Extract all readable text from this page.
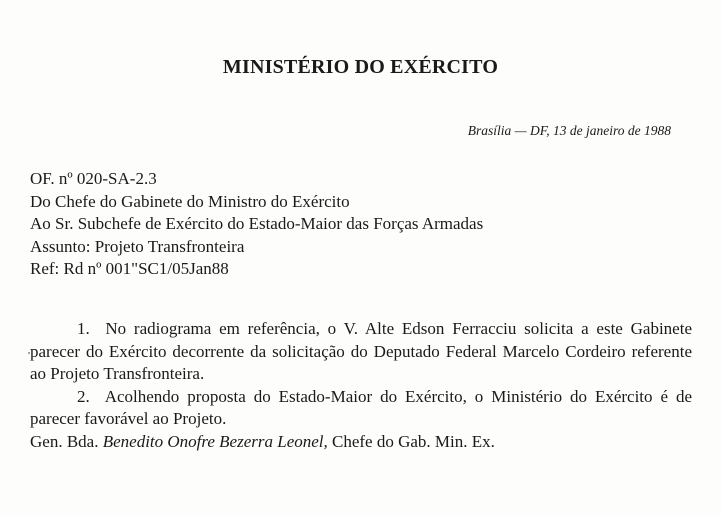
MINISTÉRIO DO EXÉRCITO
Brasília — DF, 13 de janeiro de 1988
OF. nº 020-SA-2.3
Do Chefe do Gabinete do Ministro do Exército
Ao Sr. Subchefe de Exército do Estado-Maior das Forças Armadas
Assunto: Projeto Transfronteira
Ref: Rd nº 001"SC1/05Jan88
1. No radiograma em referência, o V. Alte Edson Ferracciu solicita a este Gabinete parecer do Exército decorrente da solicitação do Deputado Federal Marcelo Cordeiro referente ao Projeto Transfronteira.
2. Acolhendo proposta do Estado-Maior do Exército, o Ministério do Exército é de parecer favorável ao Projeto.
Gen. Bda. Benedito Onofre Bezerra Leonel, Chefe do Gab. Min. Ex.
